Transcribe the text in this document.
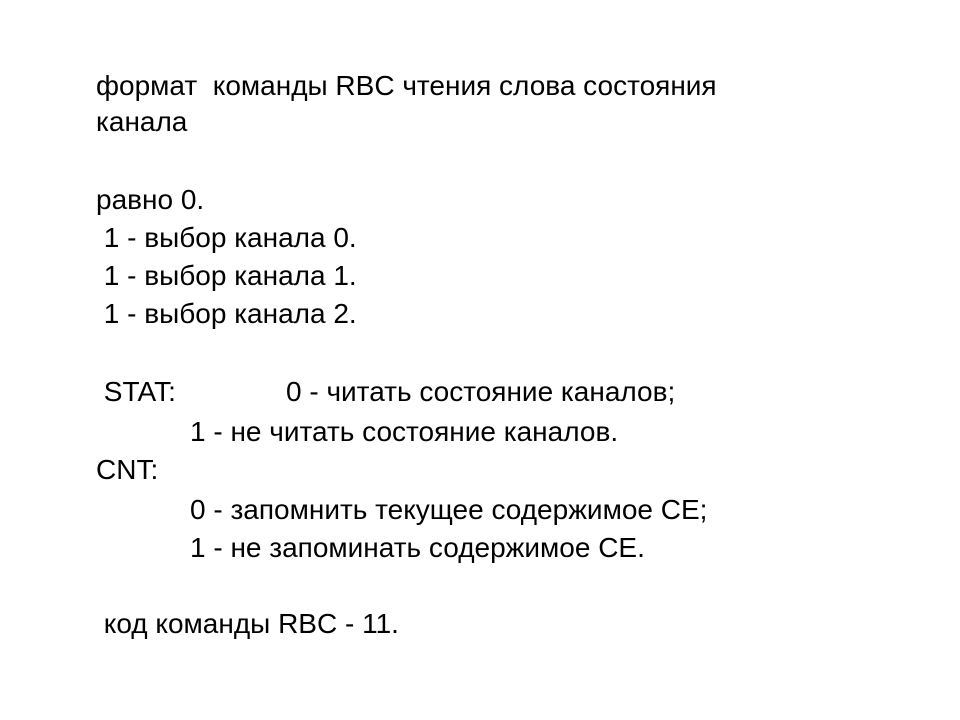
формат  команды RBC чтения слова состояния

канала

равно 0.

1 - выбор канала 0.

1 - выбор канала 1.

1 - выбор канала 2.

STAT:	0 - читать состояние каналов;

1 - не читать состояние каналов.

CNT:

0 - запомнить текущее содержимое СЕ;

1 - не запоминать содержимое СЕ.

код команды RBC - 11.
